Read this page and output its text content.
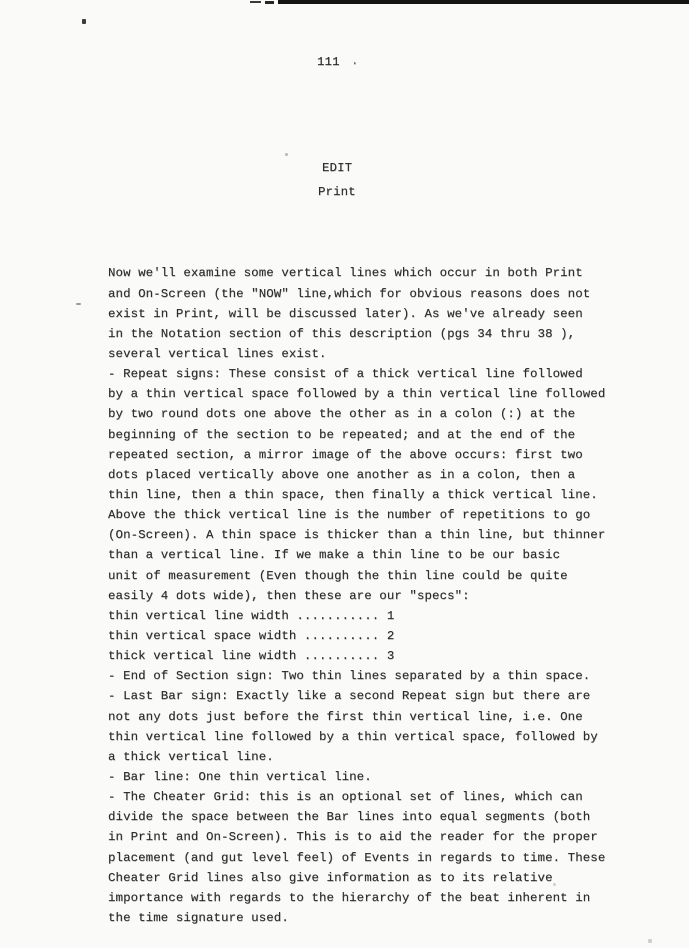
111 .
EDIT
Print

Now we'll examine some vertical lines which occur in both Print
and On-Screen (the "NOW" line,which for obvious reasons does not
exist in Print, will be discussed later). As we've already seen
in the Notation section of this description (pgs 34 thru 38 ),
several vertical lines exist.
- Repeat signs: These consist of a thick vertical line followed
by a thin vertical space followed by a thin vertical line followed
by two round dots one above the other as in a colon (:) at the
beginning of the section to be repeated; and at the end of the
repeated section, a mirror image of the above occurs: first two
dots placed vertically above one another as in a colon, then a
thin line, then a thin space, then finally a thick vertical line.
Above the thick vertical line is the number of repetitions to go
(On-Screen). A thin space is thicker than a thin line, but thinner
than a vertical line. If we make a thin line to be our basic
unit of measurement (Even though the thin line could be quite
easily 4 dots wide), then these are our "specs":
thin vertical line width ........... 1
thin vertical space width .......... 2
thick vertical line width .......... 3
- End of Section sign: Two thin lines separated by a thin space.
- Last Bar sign: Exactly like a second Repeat sign but there are
not any dots just before the first thin vertical line, i.e. One
thin vertical line followed by a thin vertical space, followed by
a thick vertical line.
- Bar line: One thin vertical line.
- The Cheater Grid: this is an optional set of lines, which can
divide the space between the Bar lines into equal segments (both
in Print and On-Screen). This is to aid the reader for the proper
placement (and gut level feel) of Events in regards to time. These
Cheater Grid lines also give information as to its relative
importance with regards to the hierarchy of the beat inherent in
the time signature used.
